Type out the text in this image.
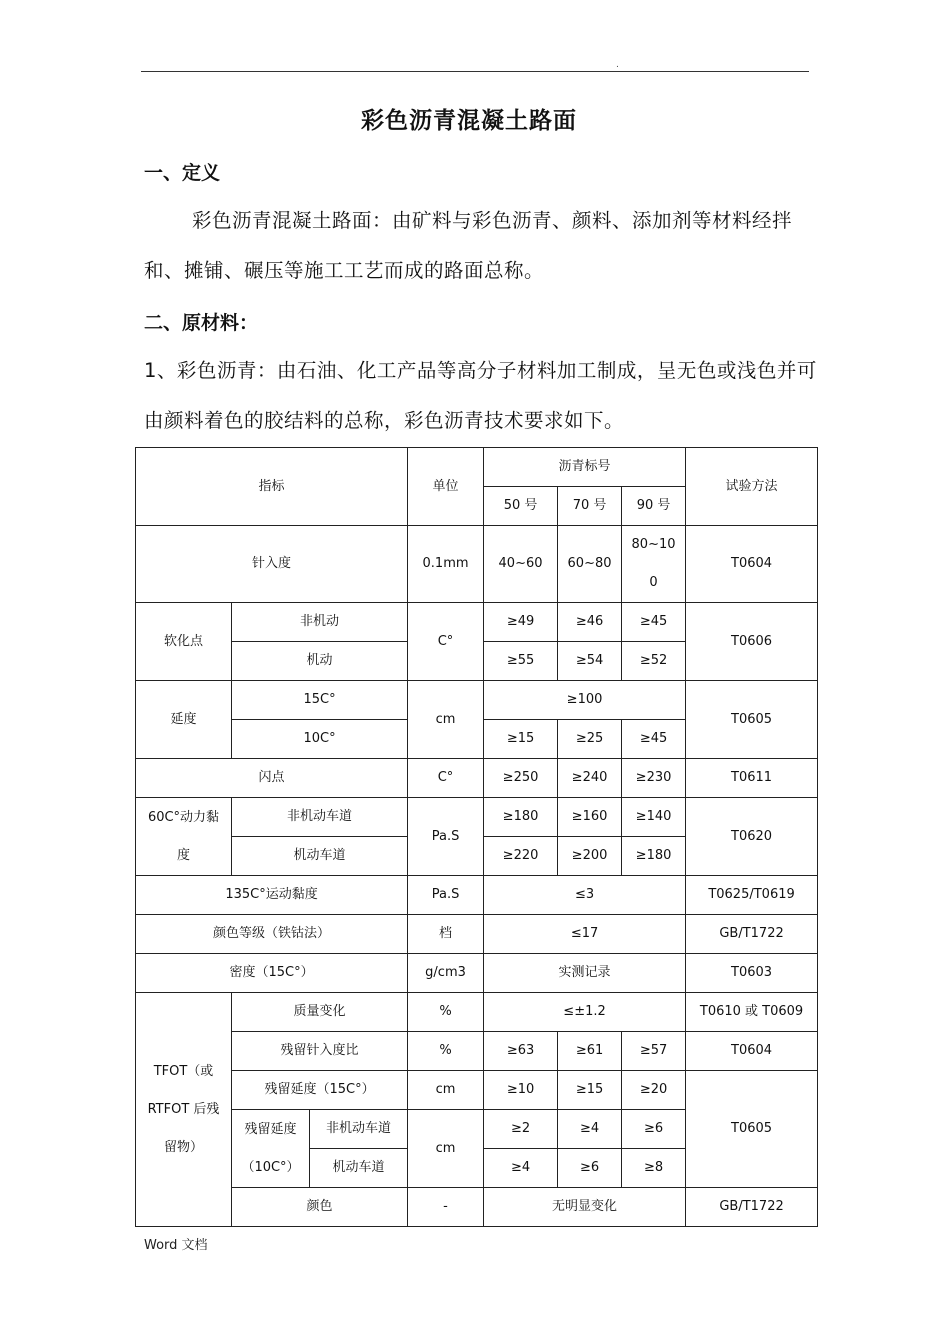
.
彩色沥青混凝土路面
一、定义
彩色沥青混凝土路面：由矿料与彩色沥青、颜料、添加剂等材料经拌和、摊铺、碾压等施工工艺而成的路面总称。
二、原材料：
1、彩色沥青：由石油、化工产品等高分子材料加工制成，呈无色或浅色并可由颜料着色的胶结料的总称，彩色沥青技术要求如下。
指标			单位	沥青标号			试验方法
				50 号	70 号	90 号	
针入度			0.1mm	40~60	60~80	80~100	T0604

软化点	非机动		C°	≥49	≥46	≥45	T0606
	机动			≥55	≥54	≥52	
延度	15C°		cm	≥100			T0605
	10C°			≥15	≥25	≥45	
闪点			C°	≥250	≥240	≥230	T0611
60C°动力黏度	非机动车道		Pa.S	≥180	≥160	≥140	T0620
	机动车道			≥220	≥200	≥180	
135C°运动黏度			Pa.S	≤3			T0625/T0619
颜色等级（铁钴法）			档	≤17			GB/T1722
密度（15C°）			g/cm3	实测记录			T0603
TFOT（或RTFOT 后残留物）	质量变化		%	≤±1.2			T0610 或 T0609
	残留针入度比		%	≥63	≥61	≥57	T0604
	残留延度（15C°）		cm	≥10	≥15	≥20	T0605
	残留延度（10C°）	非机动车道	cm	≥2	≥4	≥6	
		机动车道		≥4	≥6	≥8	
	颜色		-	无明显变化			GB/T1722
Word 文档
